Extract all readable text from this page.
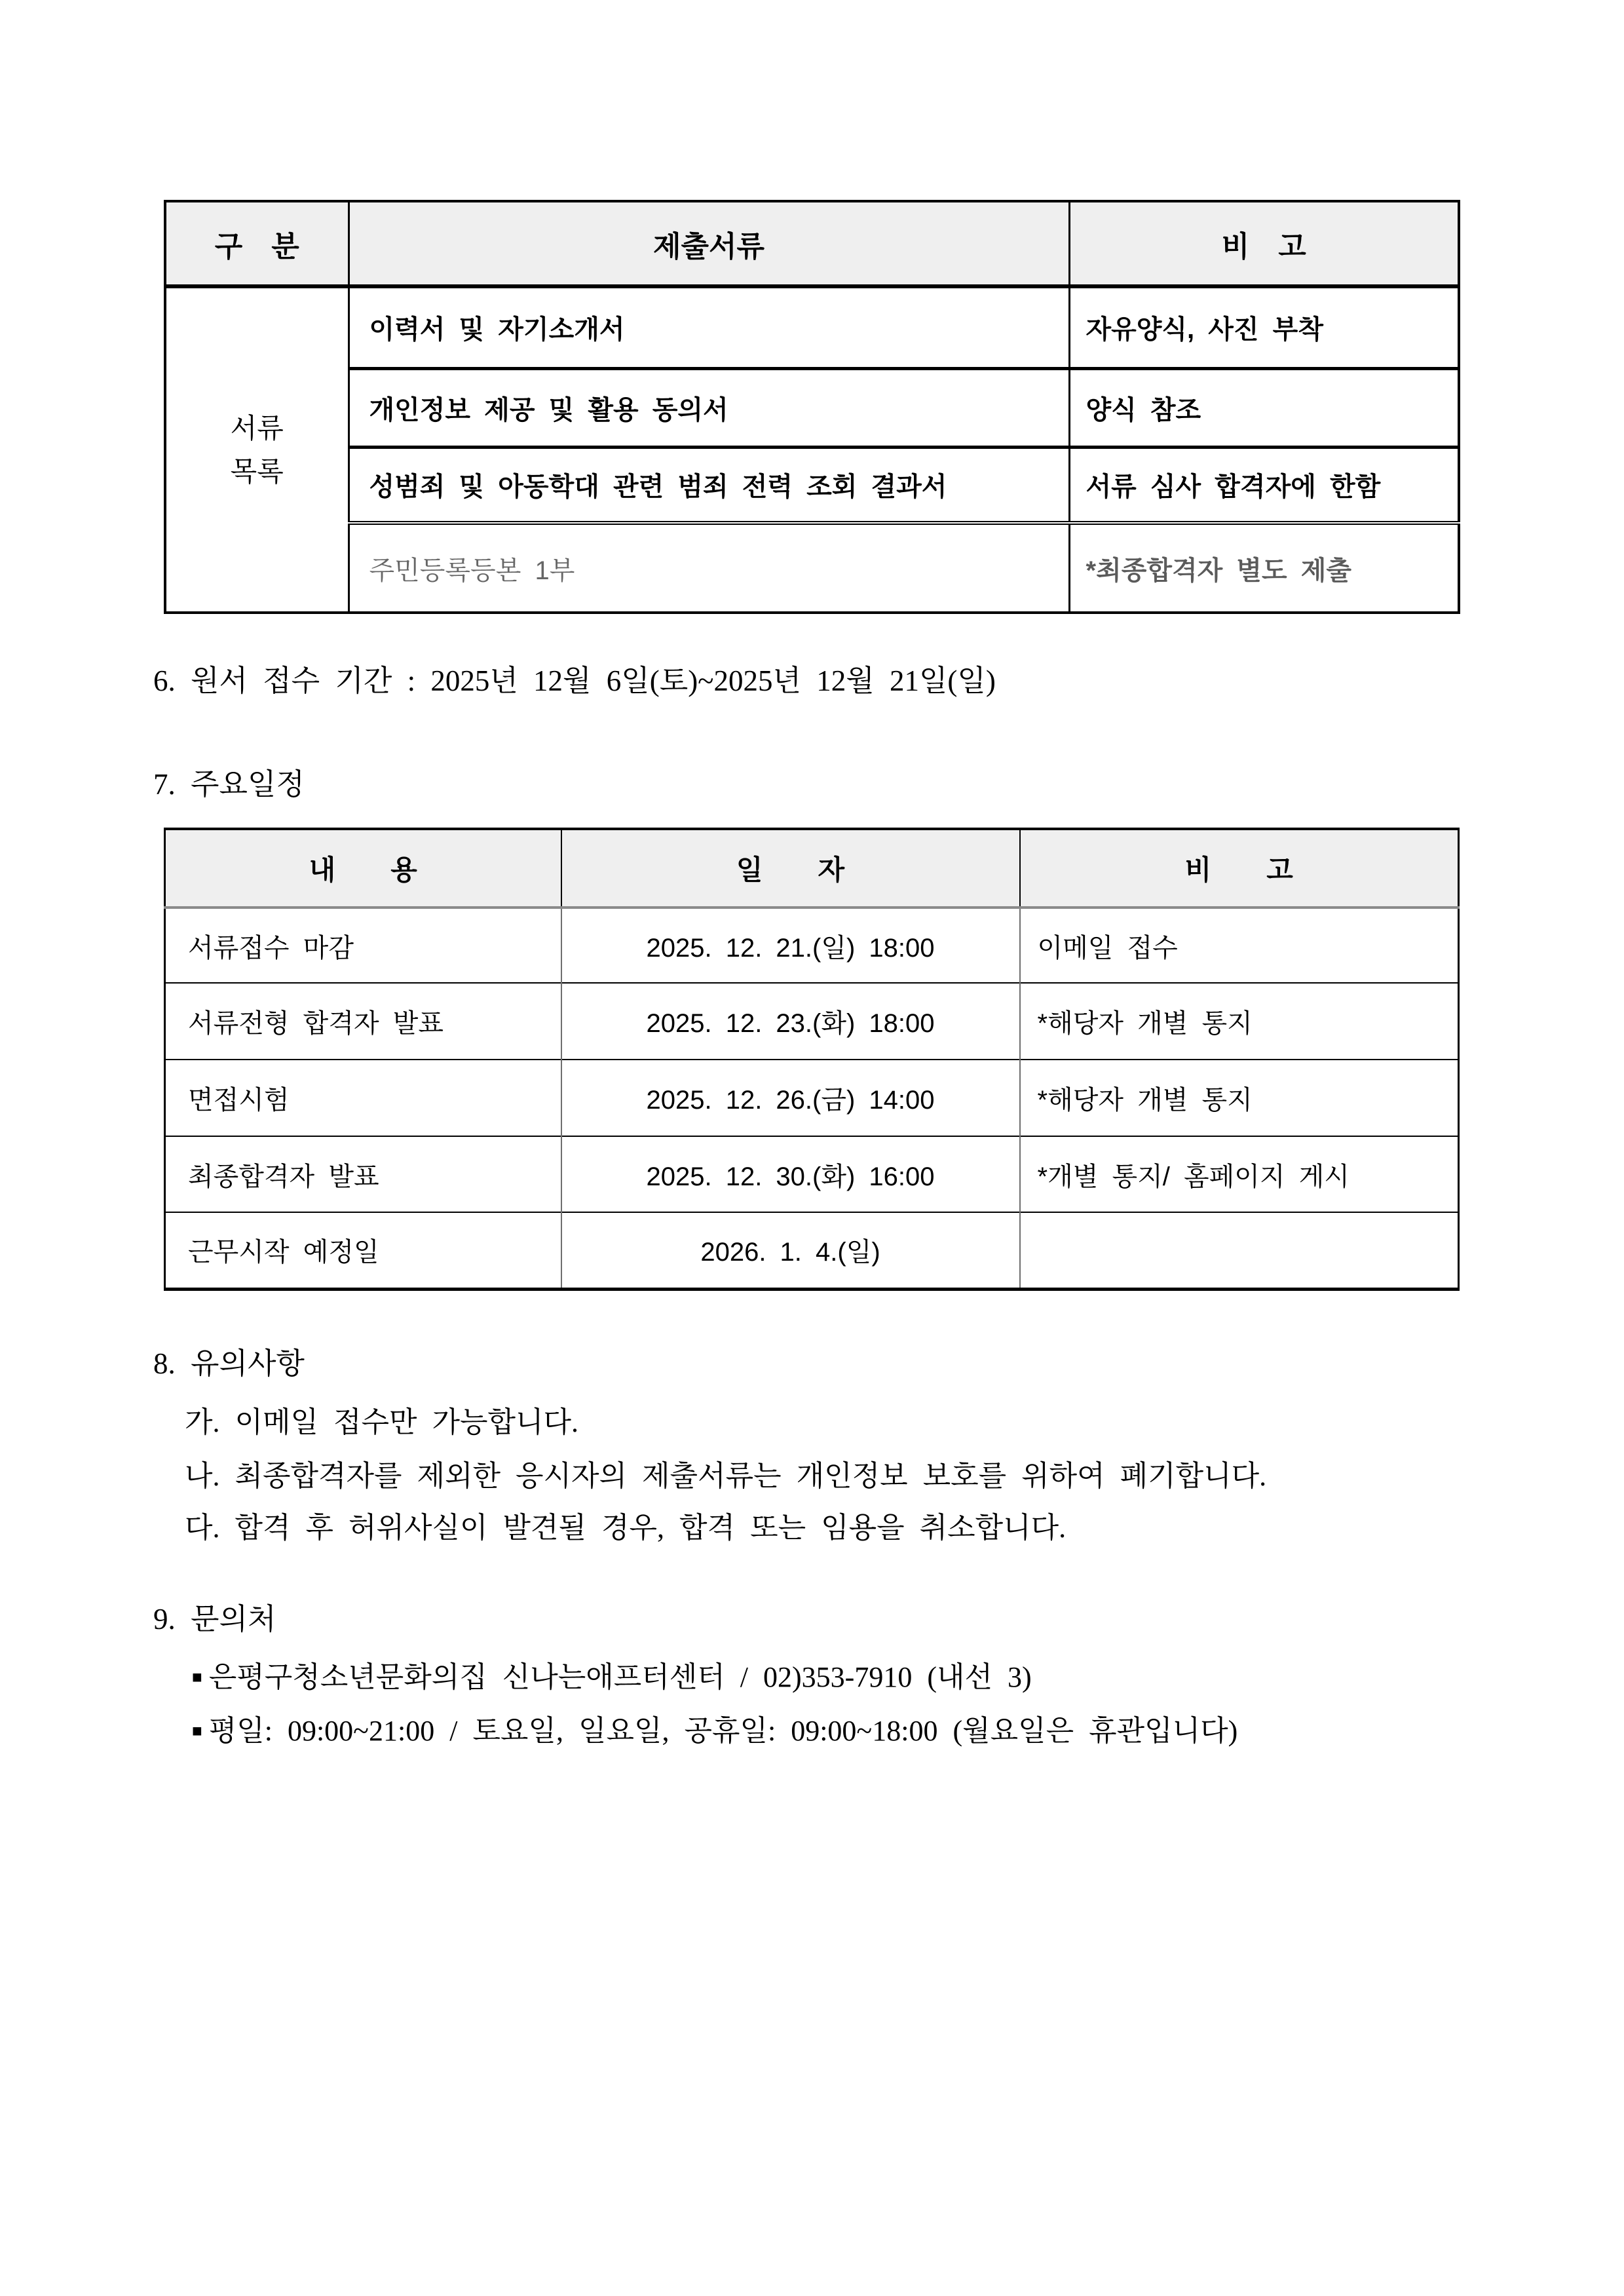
구　분	제출서류	비　고

서류
목록	이력서 및 자기소개서	자유양식, 사진 부착
	개인정보 제공 및 활용 동의서	양식 참조
	성범죄 및 아동학대 관련 범죄 전력 조회 결과서	서류 심사 합격자에 한함
	주민등록등본 1부	*최종합격자 별도 제출
6. 원서 접수 기간 : 2025년 12월 6일(토)~2025년 12월 21일(일)
7. 주요일정
내　　용	일　　자	비　　고
서류접수 마감	2025. 12. 21.(일) 18:00	이메일 접수
서류전형 합격자 발표	2025. 12. 23.(화) 18:00	*해당자 개별 통지
면접시험	2025. 12. 26.(금) 14:00	*해당자 개별 통지
최종합격자 발표	2025. 12. 30.(화) 16:00	*개별 통지/ 홈페이지 게시
근무시작 예정일	2026. 1. 4.(일)	
8. 유의사항
가. 이메일 접수만 가능합니다.
나. 최종합격자를 제외한 응시자의 제출서류는 개인정보 보호를 위하여 폐기합니다.
다. 합격 후 허위사실이 발견될 경우, 합격 또는 임용을 취소합니다.
9. 문의처
■ 은평구청소년문화의집 신나는애프터센터 / 02)353-7910 (내선 3)
■ 평일: 09:00~21:00 / 토요일, 일요일, 공휴일: 09:00~18:00 (월요일은 휴관입니다)
